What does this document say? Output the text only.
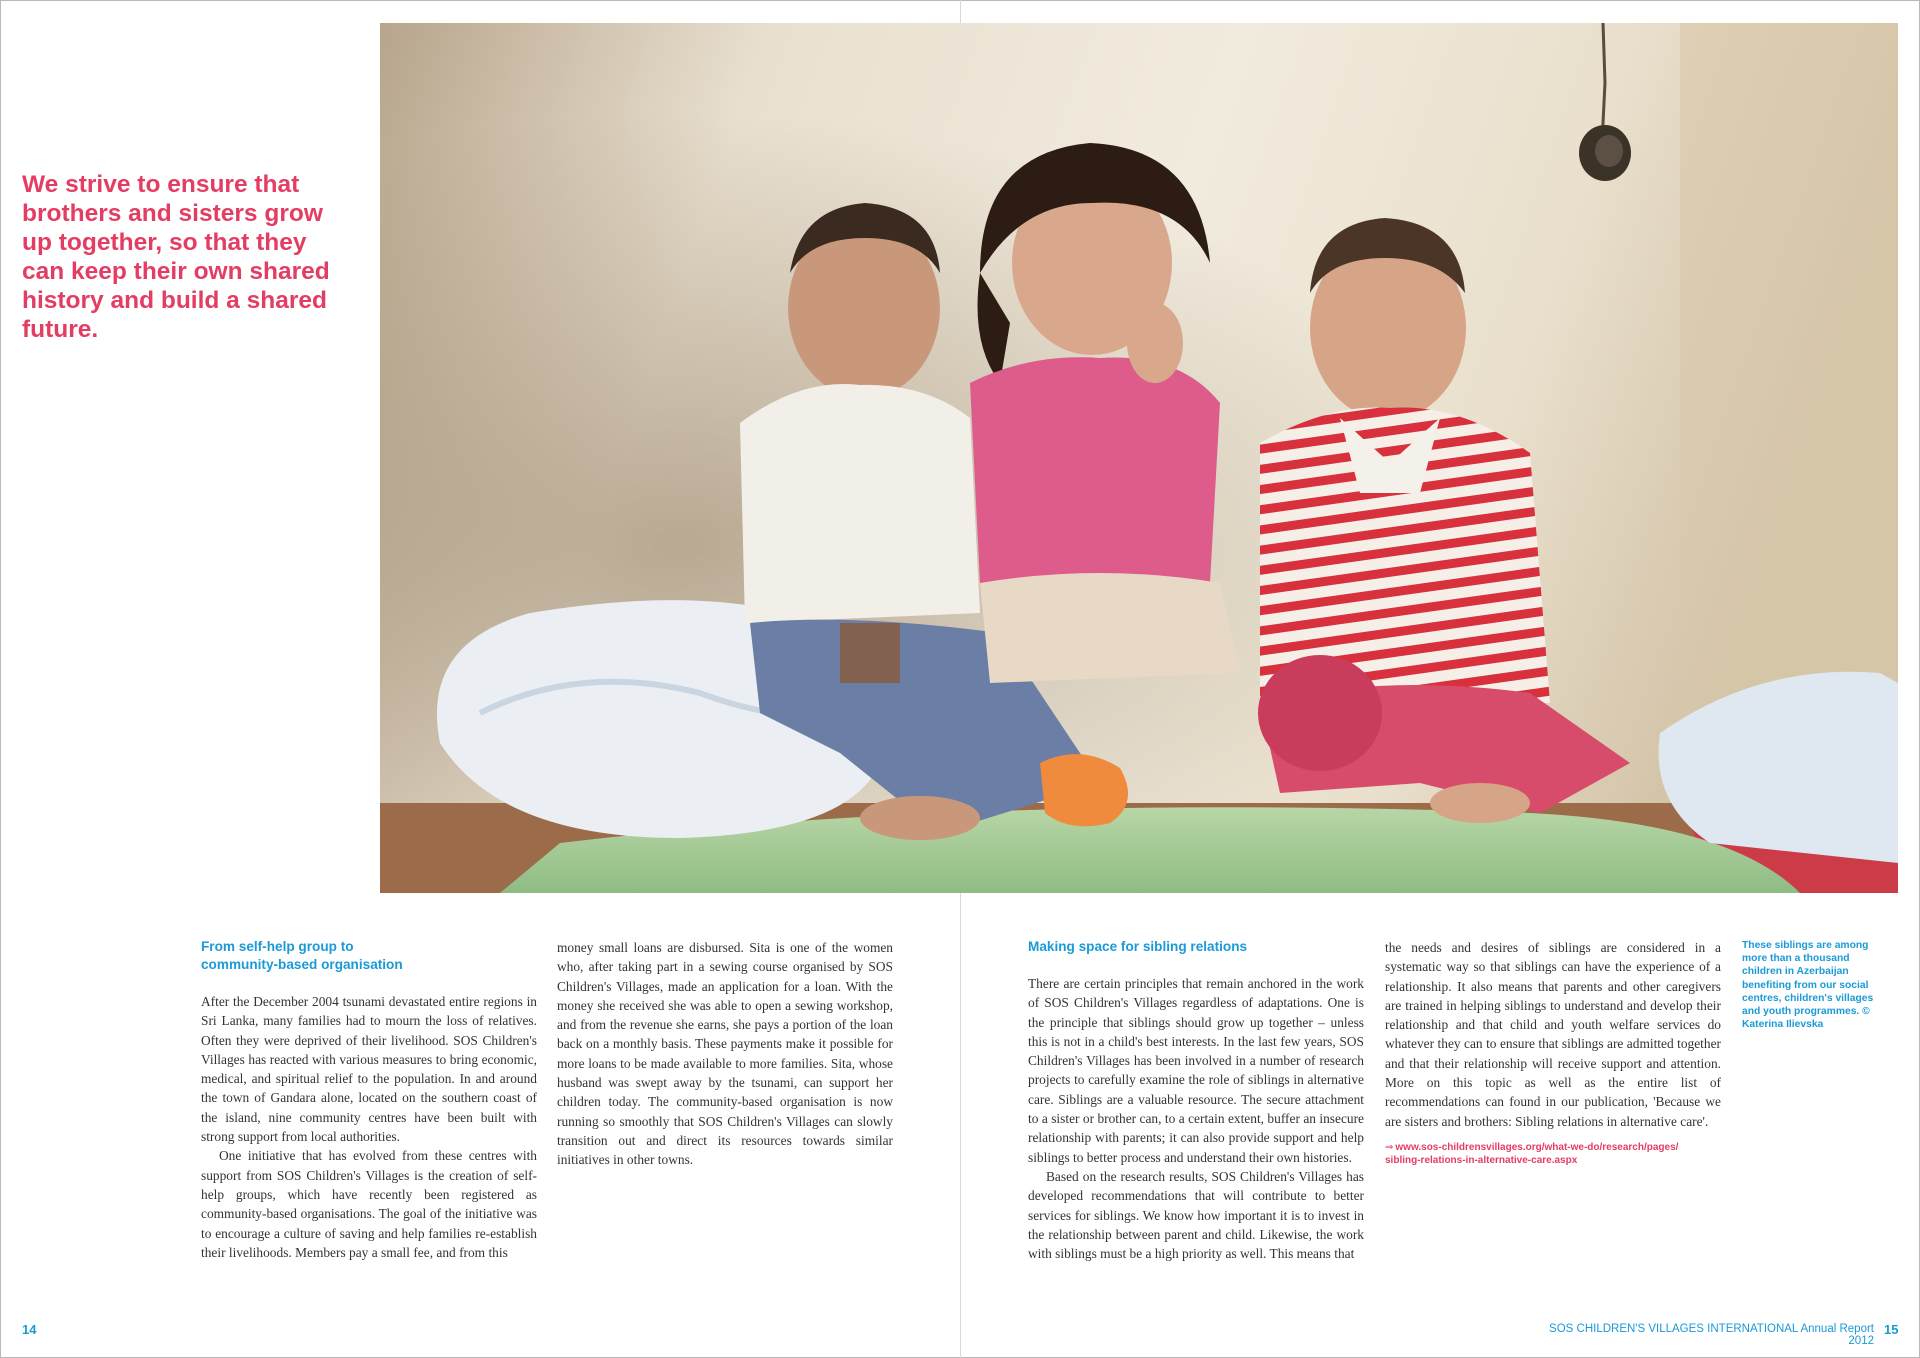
We strive to ensure that brothers and sisters grow up together, so that they can keep their own shared history and build a shared future.

These siblings are among more than a thousand children in Azerbaijan benefiting from our social centres, children's villages and youth programmes. © Katerina Ilievska

From self-help group to
community-based organisation

After the December 2004 tsunami devastated entire regions in Sri Lanka, many families had to mourn the loss of relatives. Often they were deprived of their livelihood. SOS Children's Villages has reacted with various measures to bring economic, medical, and spiritual relief to the population. In and around the town of Gandara alone, located on the southern coast of the island, nine community centres have been built with strong support from local authorities.

One initiative that has evolved from these centres with support from SOS Children's Villages is the creation of self-help groups, which have recently been registered as community-based organisations. The goal of the initiative was to encourage a culture of saving and help families re-establish their livelihoods. Members pay a small fee, and from this

Making space for sibling relations

There are certain principles that remain anchored in the work of SOS Children's Villages regardless of adaptations. One is the principle that siblings should grow up together – unless this is not in a child's best interests. In the last few years, SOS Children's Villages has been involved in a number of research projects to carefully examine the role of siblings in alternative care. Siblings are a valuable resource. The secure attachment to a sister or brother can, to a certain extent, buffer an insecure relationship with parents; it can also provide support and help siblings to better process and understand their own histories.

Based on the research results, SOS Children's Villages has developed recommendations that will contribute to better services for siblings. We know how important it is to invest in the relationship between parent and child. Likewise, the work with siblings must be a high priority as well. This means that

14	SOS CHILDREN'S VILLAGES INTERNATIONAL Annual Report 2012
15

money small loans are disbursed. Sita is one of the women who, after taking part in a sewing course organised by SOS Children's Villages, made an application for a loan. With the money she received she was able to open a sewing workshop, and from the revenue she earns, she pays a portion of the loan back on a monthly basis. These payments make it possible for more loans to be made available to more families. Sita, whose husband was swept away by the tsunami, can support her children today. The community-based organisation is now running so smoothly that SOS Children's Villages can slowly transition out and direct its resources towards similar initiatives in other towns.

the needs and desires of siblings are considered in a systematic way so that siblings can have the experience of a relationship. It also means that parents and other caregivers are trained in helping siblings to understand and develop their relationship and that child and youth welfare services do whatever they can to ensure that siblings are admitted together and that their relationship will receive support and attention. More on this topic as well as the entire list of recommendations can found in our publication, 'Because we are sisters and brothers: Sibling relations in alternative care'.

⇒ www.sos-childrensvillages.org/what-we-do/research/pages/
sibling-relations-in-alternative-care.aspx
